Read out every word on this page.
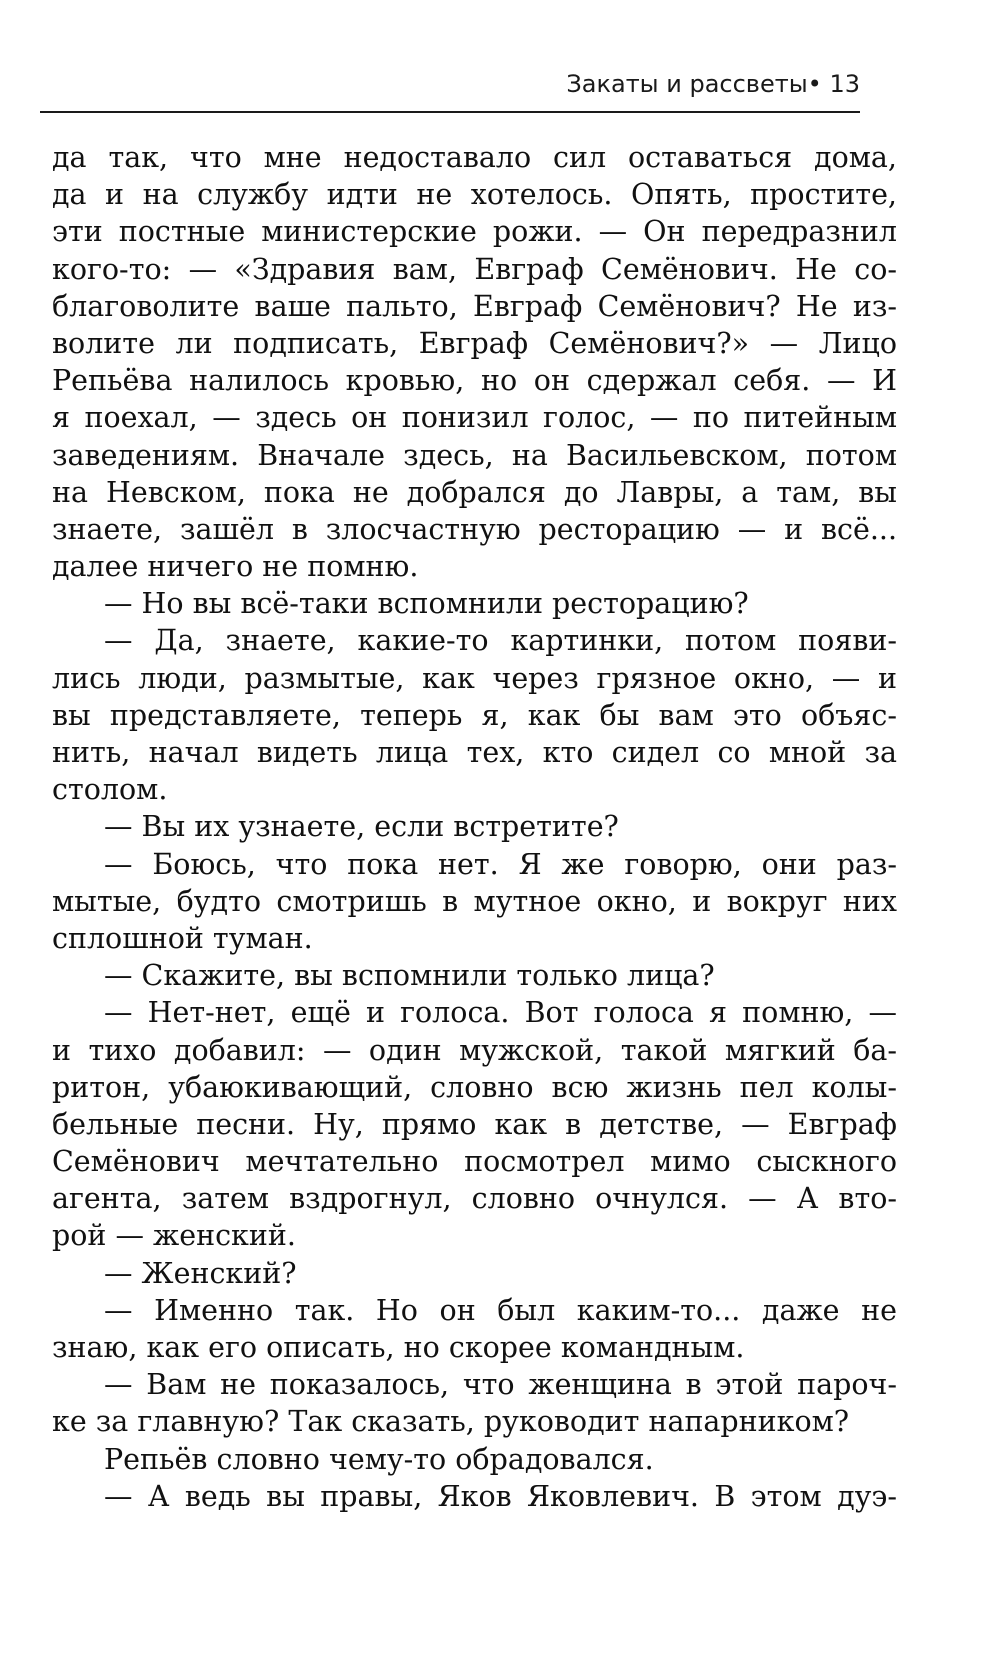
Закаты и рассветы• 13
да так, что мне недоставало сил оставаться дома,
да и на службу идти не хотелось. Опять, простите,
эти постные министерские рожи. — Он передразнил
кого-то: — «Здравия вам, Евграф Семёнович. Не со-
благоволите ваше пальто, Евграф Семёнович? Не из-
волите ли подписать, Евграф Семёнович?» — Лицо
Репьёва налилось кровью, но он сдержал себя. — И
я поехал, — здесь он понизил голос, — по питейным
заведениям. Вначале здесь, на Васильевском, потом
на Невском, пока не добрался до Лавры, а там, вы
знаете, зашёл в злосчастную ресторацию — и всё...
далее ничего не помню.
— Но вы всё-таки вспомнили ресторацию?
— Да, знаете, какие-то картинки, потом появи-
лись люди, размытые, как через грязное окно, — и
вы представляете, теперь я, как бы вам это объяс-
нить, начал видеть лица тех, кто сидел со мной за
столом.
— Вы их узнаете, если встретите?
— Боюсь, что пока нет. Я же говорю, они раз-
мытые, будто смотришь в мутное окно, и вокруг них
сплошной туман.
— Скажите, вы вспомнили только лица?
— Нет-нет, ещё и голоса. Вот голоса я помню, —
и тихо добавил: — один мужской, такой мягкий ба-
ритон, убаюкивающий, словно всю жизнь пел колы-
бельные песни. Ну, прямо как в детстве, — Евграф
Семёнович мечтательно посмотрел мимо сыскного
агента, затем вздрогнул, словно очнулся. — А вто-
рой — женский.
— Женский?
— Именно так. Но он был каким-то... даже не
знаю, как его описать, но скорее командным.
— Вам не показалось, что женщина в этой пароч-
ке за главную? Так сказать, руководит напарником?
Репьёв словно чему-то обрадовался.
— А ведь вы правы, Яков Яковлевич. В этом дуэ-
